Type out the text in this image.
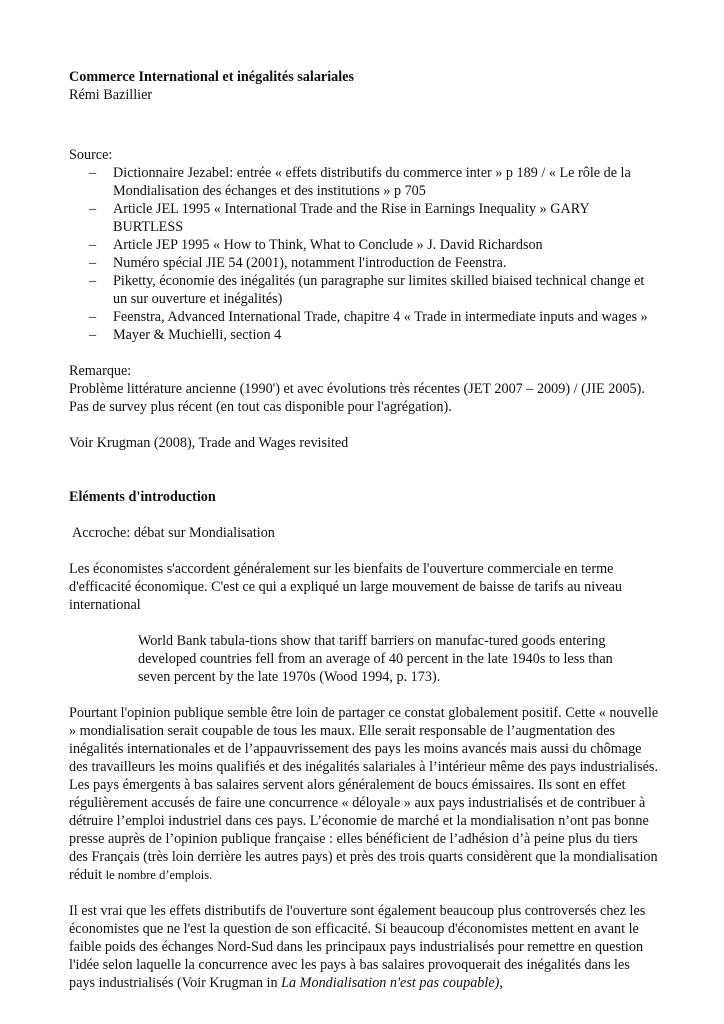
Commerce International et inégalités salariales
Rémi Bazillier
Source:
– Dictionnaire Jezabel: entrée « effets distributifs du commerce inter » p 189 / « Le rôle de la Mondialisation des échanges et des institutions » p 705
– Article JEL 1995 « International Trade and the Rise in Earnings Inequality » GARY BURTLESS
– Article JEP 1995 « How to Think, What to Conclude » J. David Richardson
– Numéro spécial JIE 54 (2001), notamment l'introduction de Feenstra.
– Piketty, économie des inégalités (un paragraphe sur limites skilled biaised technical change et un sur ouverture et inégalités)
– Feenstra, Advanced International Trade, chapitre 4 « Trade in intermediate inputs and wages »
– Mayer & Muchielli, section 4
Remarque:
Problème littérature ancienne (1990') et avec évolutions très récentes (JET 2007 – 2009) / (JIE 2005). Pas de survey plus récent (en tout cas disponible pour l'agrégation).
Voir Krugman (2008), Trade and Wages revisited
Eléments d'introduction
Accroche: débat sur Mondialisation
Les économistes s'accordent généralement sur les bienfaits de l'ouverture commerciale en terme d'efficacité économique. C'est ce qui a expliqué un large mouvement de baisse de tarifs au niveau international
World Bank tabula-tions show that tariff barriers on manufac-tured goods entering developed countries fell from an average of 40 percent in the late 1940s to less than seven percent by the late 1970s (Wood 1994, p. 173).
Pourtant l'opinion publique semble être loin de partager ce constat globalement positif. Cette « nouvelle » mondialisation serait coupable de tous les maux. Elle serait responsable de l’augmentation des inégalités internationales et de l’appauvrissement des pays les moins avancés mais aussi du chômage des travailleurs les moins qualifiés et des inégalités salariales à l’intérieur même des pays industrialisés. Les pays émergents à bas salaires servent alors généralement de boucs émissaires. Ils sont en effet régulièrement accusés de faire une concurrence « déloyale » aux pays industrialisés et de contribuer à détruire l’emploi industriel dans ces pays. L’économie de marché et la mondialisation n’ont pas bonne presse auprès de l’opinion publique française : elles bénéficient de l’adhésion d’à peine plus du tiers des Français (très loin derrière les autres pays) et près des trois quarts considèrent que la mondialisation réduit le nombre d’emplois.
Il est vrai que les effets distributifs de l'ouverture sont également beaucoup plus controversés chez les économistes que ne l'est la question de son efficacité. Si beaucoup d'économistes mettent en avant le faible poids des échanges Nord-Sud dans les principaux pays industrialisés pour remettre en question l'idée selon laquelle la concurrence avec les pays à bas salaires provoquerait des inégalités dans les pays industrialisés (Voir Krugman in La Mondialisation n'est pas coupable),
